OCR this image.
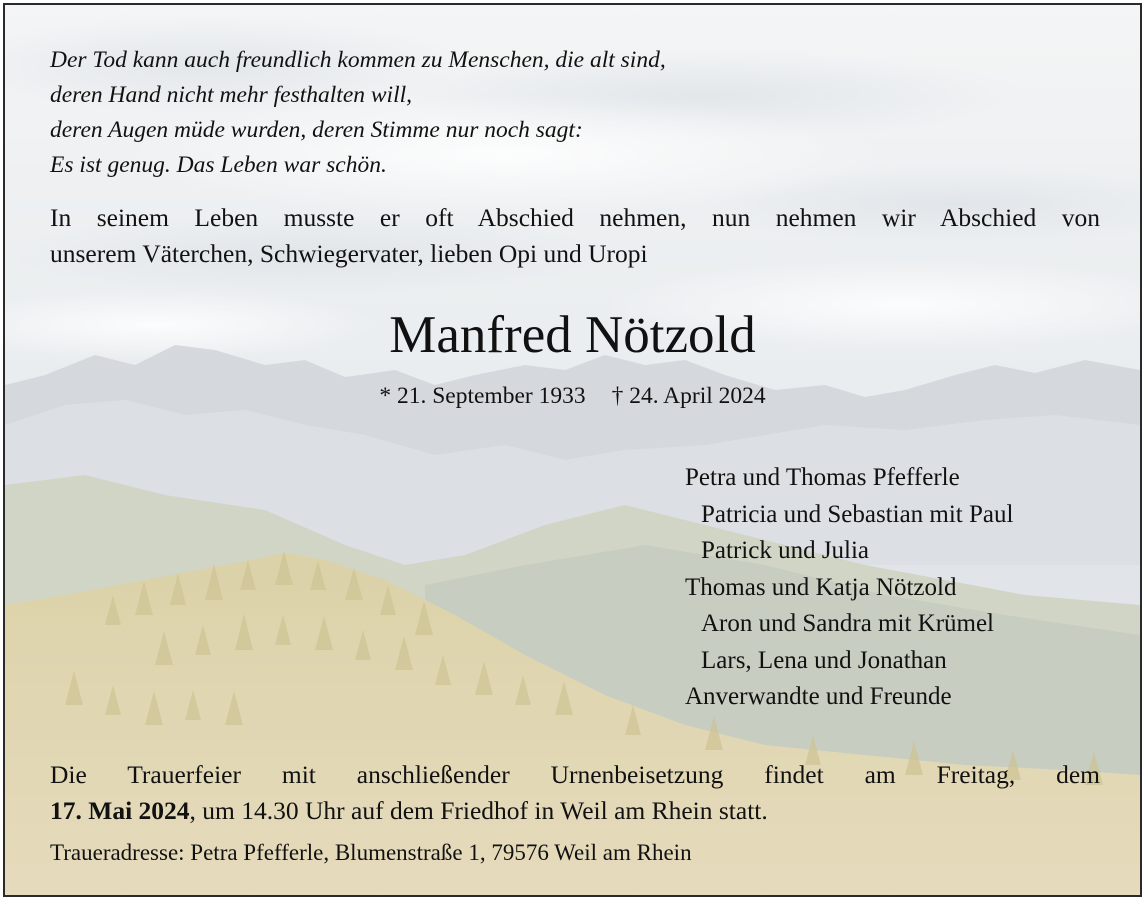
Der Tod kann auch freundlich kommen zu Menschen, die alt sind,
deren Hand nicht mehr festhalten will,
deren Augen müde wurden, deren Stimme nur noch sagt:
Es ist genug. Das Leben war schön.
In seinem Leben musste er oft Abschied nehmen, nun nehmen wir Abschied von
unserem Väterchen, Schwiegervater, lieben Opi und Uropi
Manfred Nötzold
* 21. September 1933 † 24. April 2024
Petra und Thomas Pfefferle
Patricia und Sebastian mit Paul
Patrick und Julia
Thomas und Katja Nötzold
Aron und Sandra mit Krümel
Lars, Lena und Jonathan
Anverwandte und Freunde
Die Trauerfeier mit anschließender Urnenbeisetzung findet am Freitag, dem
17. Mai 2024, um 14.30 Uhr auf dem Friedhof in Weil am Rhein statt.
Traueradresse: Petra Pfefferle, Blumenstraße 1, 79576 Weil am Rhein
